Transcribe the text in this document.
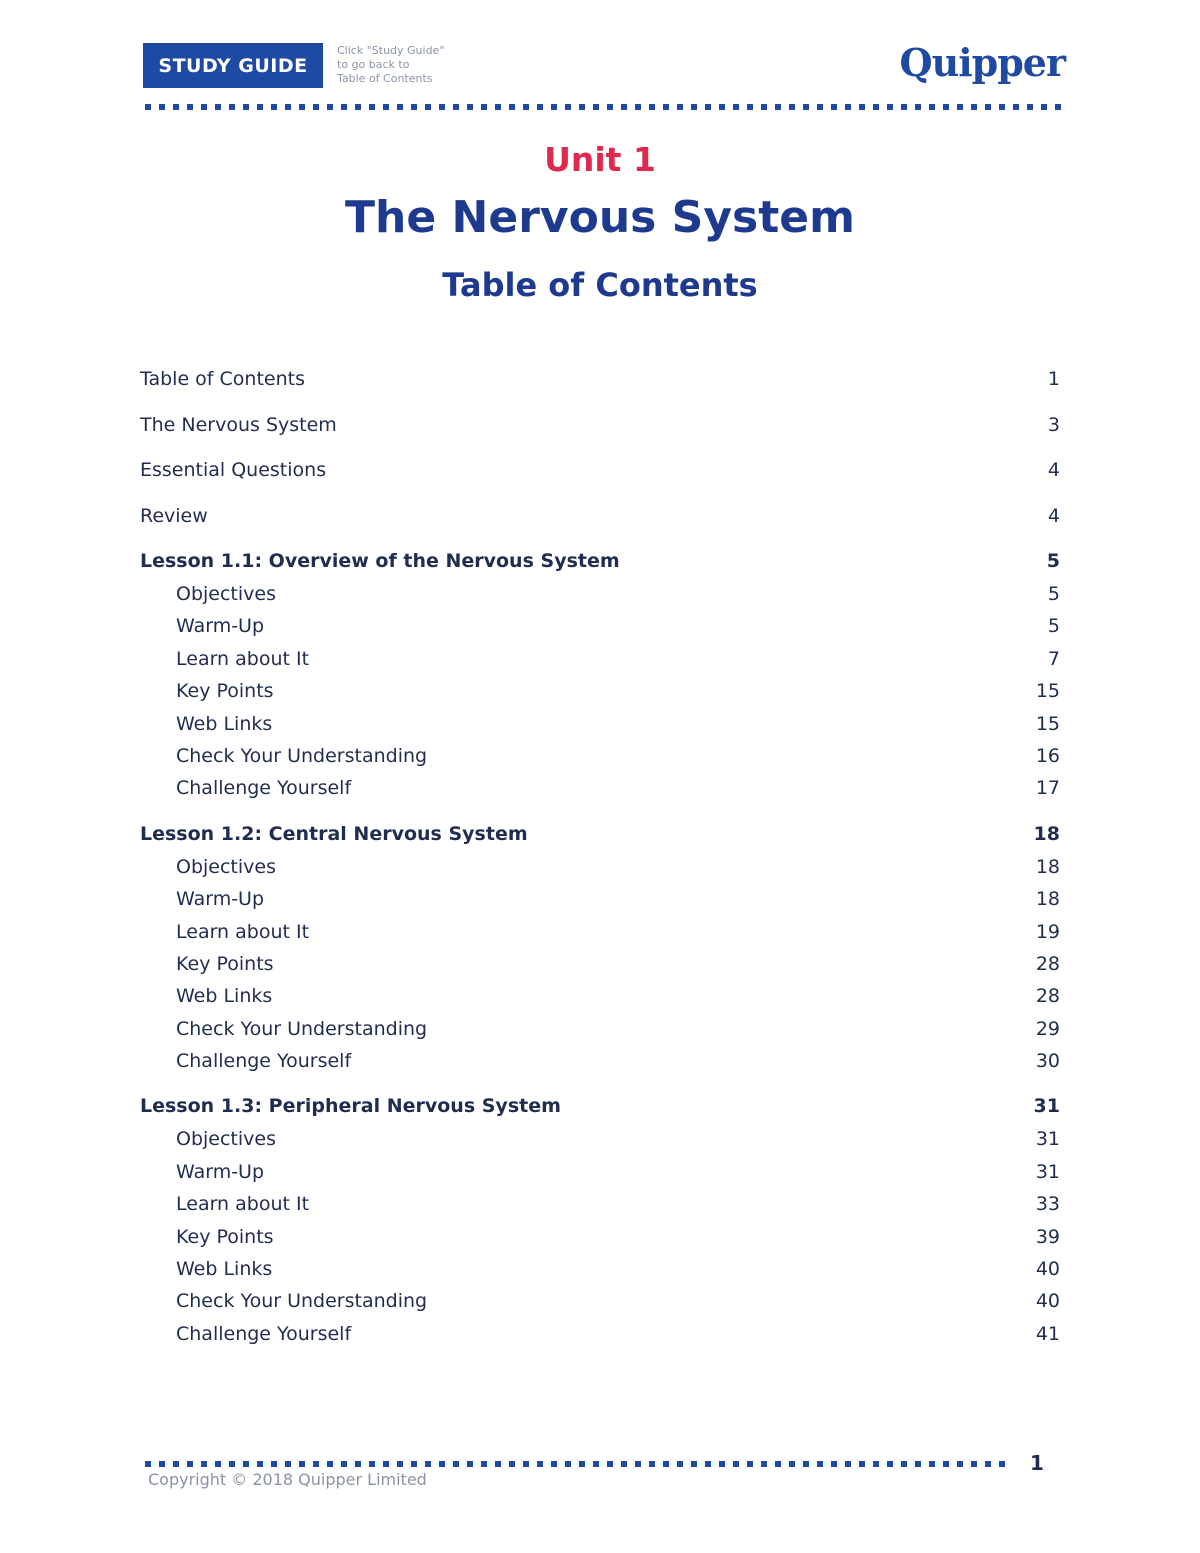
STUDY GUIDE
Click "Study Guide"
to go back to
Table of Contents	Quipper
Unit 1
The Nervous System
Table of Contents
Table of Contents	1
The Nervous System	3
Essential Questions	4
Review	4
Lesson 1.1: Overview of the Nervous System	5
Objectives	5
Warm-Up	5
Learn about It	7
Key Points	15
Web Links	15
Check Your Understanding	16
Challenge Yourself	17
Lesson 1.2: Central Nervous System	18
Objectives	18
Warm-Up	18
Learn about It	19
Key Points	28
Web Links	28
Check Your Understanding	29
Challenge Yourself	30
Lesson 1.3: Peripheral Nervous System	31
Objectives	31
Warm-Up	31
Learn about It	33
Key Points	39
Web Links	40
Check Your Understanding	40
Challenge Yourself	41
Copyright © 2018 Quipper Limited
1
